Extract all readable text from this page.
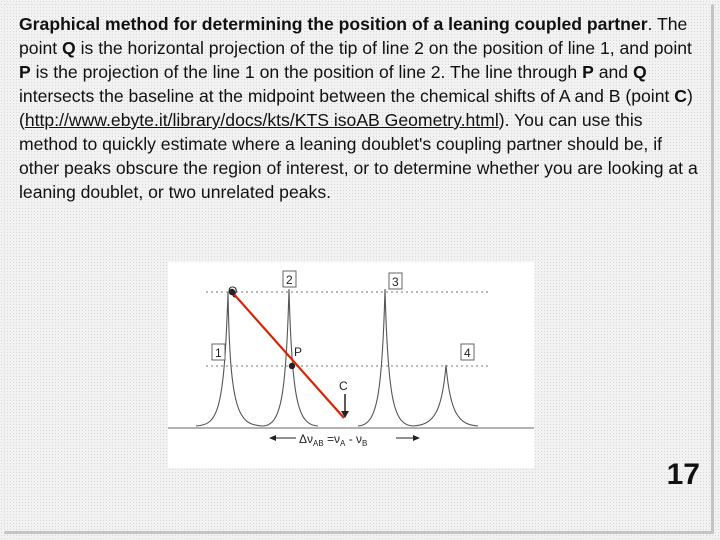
Graphical method for determining the position of a leaning coupled partner. The point Q is the horizontal projection of the tip of line 2 on the position of line 1, and point P is the projection of the line 1 on the position of line 2. The line through P and Q intersects the baseline at the midpoint between the chemical shifts of A and B (point C) (http://www.ebyte.it/library/docs/kts/KTS isoAB Geometry.html). You can use this method to quickly estimate where a leaning doublet's coupling partner should be, if other peaks obscure the region of interest, or to determine whether you are looking at a leaning doublet, or two unrelated peaks.

Q
P
C
1
2	3
4
$\Delta\nu_{AB} =\nu_A - \nu_B$
17
